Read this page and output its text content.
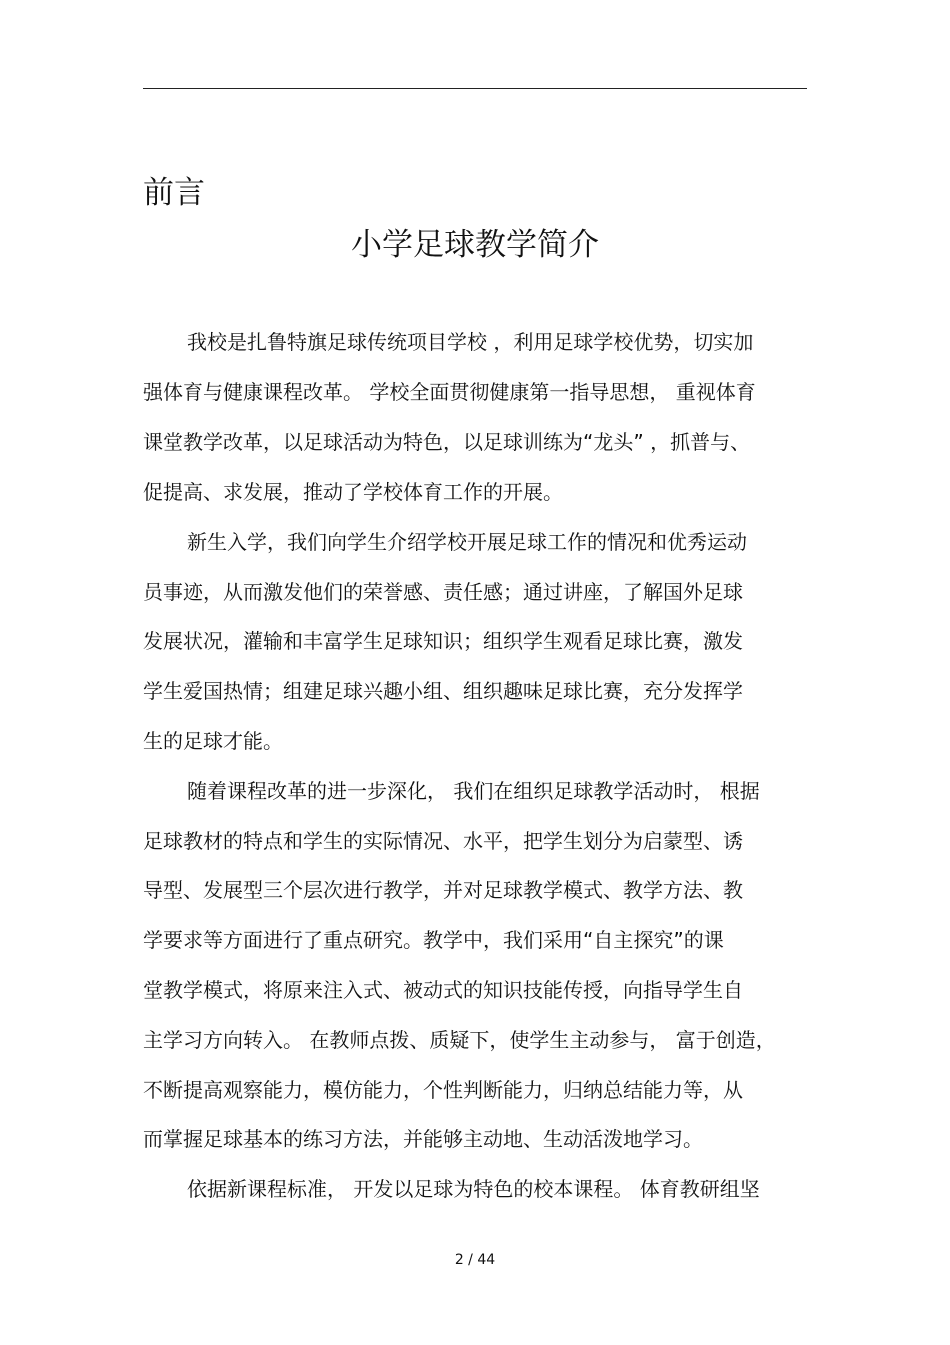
前言
小学足球教学简介

我校是扎鲁特旗足球传统项目学校 ，利用足球学校优势，切实加

强体育与健康课程改革。 学校全面贯彻健康第一指导思想， 重视体育

课堂教学改革，以足球活动为特色，以足球训练为“龙头” ，抓普与、

促提高、求发展，推动了学校体育工作的开展。

新生入学，我们向学生介绍学校开展足球工作的情况和优秀运动

员事迹，从而激发他们的荣誉感、责任感；通过讲座，了解国外足球

发展状况，灌输和丰富学生足球知识；组织学生观看足球比赛，激发

学生爱国热情；组建足球兴趣小组、组织趣味足球比赛，充分发挥学

生的足球才能。

随着课程改革的进一步深化， 我们在组织足球教学活动时， 根据

足球教材的特点和学生的实际情况、水平，把学生划分为启蒙型、诱

导型、发展型三个层次进行教学，并对足球教学模式、教学方法、教

学要求等方面进行了重点研究。教学中，我们采用“自主探究”的课

堂教学模式，将原来注入式、被动式的知识技能传授，向指导学生自

主学习方向转入。 在教师点拨、质疑下，使学生主动参与， 富于创造，

不断提高观察能力，模仿能力，个性判断能力，归纳总结能力等，从

而掌握足球基本的练习方法，并能够主动地、生动活泼地学习。

依据新课程标准， 开发以足球为特色的校本课程。 体育教研组坚

2 / 44
